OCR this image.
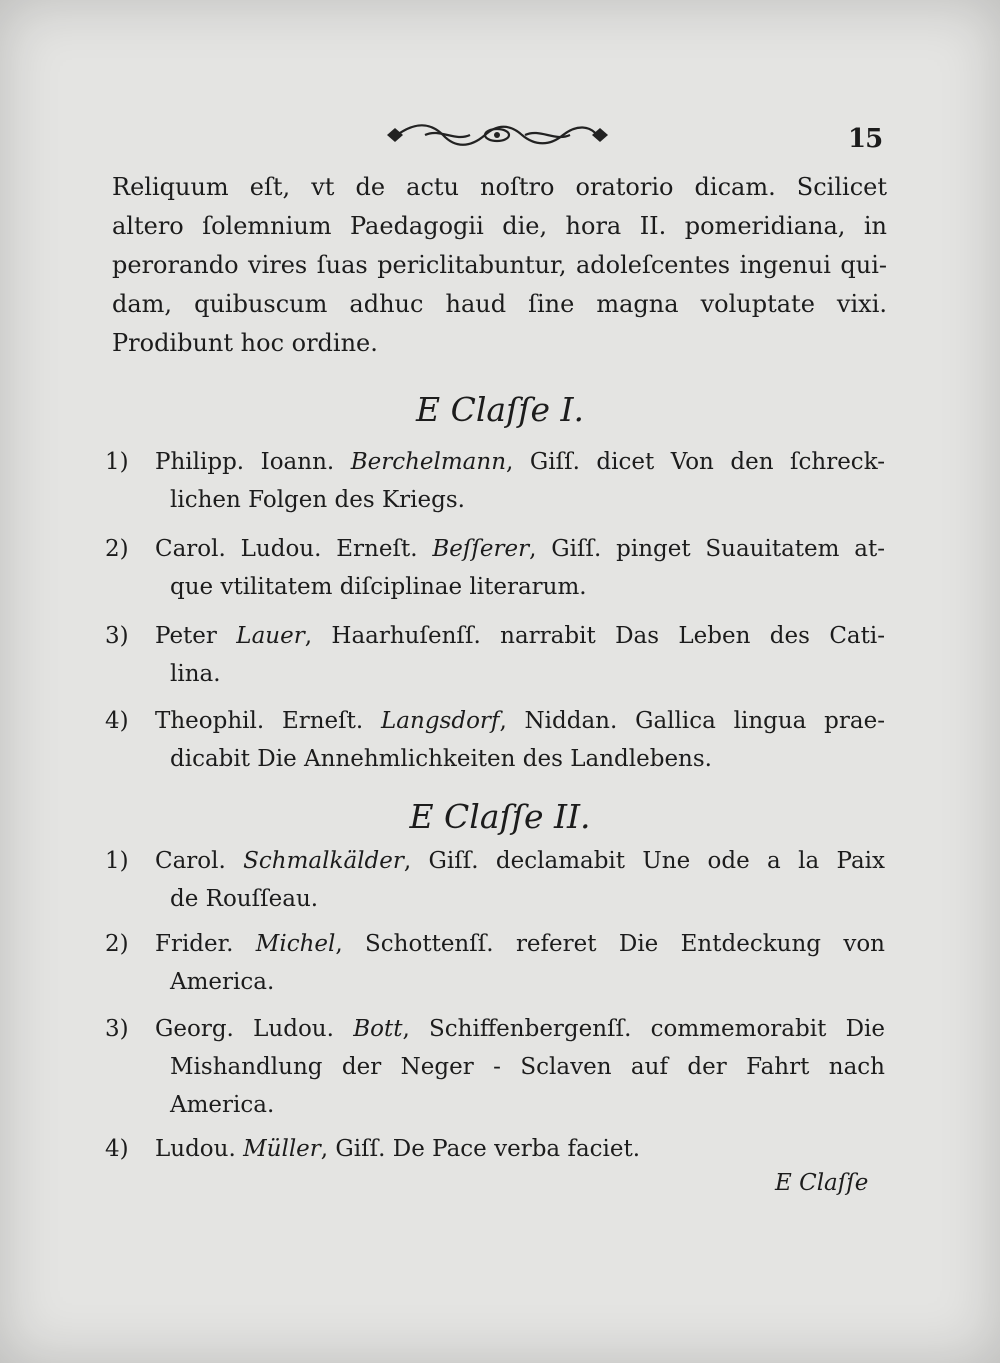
15
Reliquum eſt, vt de actu noſtro oratorio dicam. Scilicet
altero ſolemnium Paedagogii die, hora II. pomeridiana, in
perorando vires ſuas periclitabuntur, adoleſcentes ingenui qui-
dam, quibuscum adhuc haud ſine magna voluptate vixi.
Prodibunt hoc ordine.
E Claſſe I.
1) Philipp. Ioann. Berchelmann, Giſſ. dicet Von den ſchreck-
lichen Folgen des Kriegs.
2) Carol. Ludou. Erneſt. Beſſerer, Giſſ. pinget Suauitatem at-
que vtilitatem diſciplinae literarum.
3) Peter Lauer, Haarhuſenſſ. narrabit Das Leben des Cati-
lina.
4) Theophil. Erneſt. Langsdorf, Niddan. Gallica lingua prae-
dicabit Die Annehmlichkeiten des Landlebens.
E Claſſe II.
1) Carol. Schmalkälder, Giſſ. declamabit Une ode a la Paix
de Rouſſeau.
2) Frider. Michel, Schottenſſ. referet Die Entdeckung von
America.
3) Georg. Ludou. Bott, Schiffenbergenſſ. commemorabit Die
Mishandlung der Neger - Sclaven auf der Fahrt nach
America.
4) Ludou. Müller, Giſſ. De Pace verba faciet.
E Claſſe
